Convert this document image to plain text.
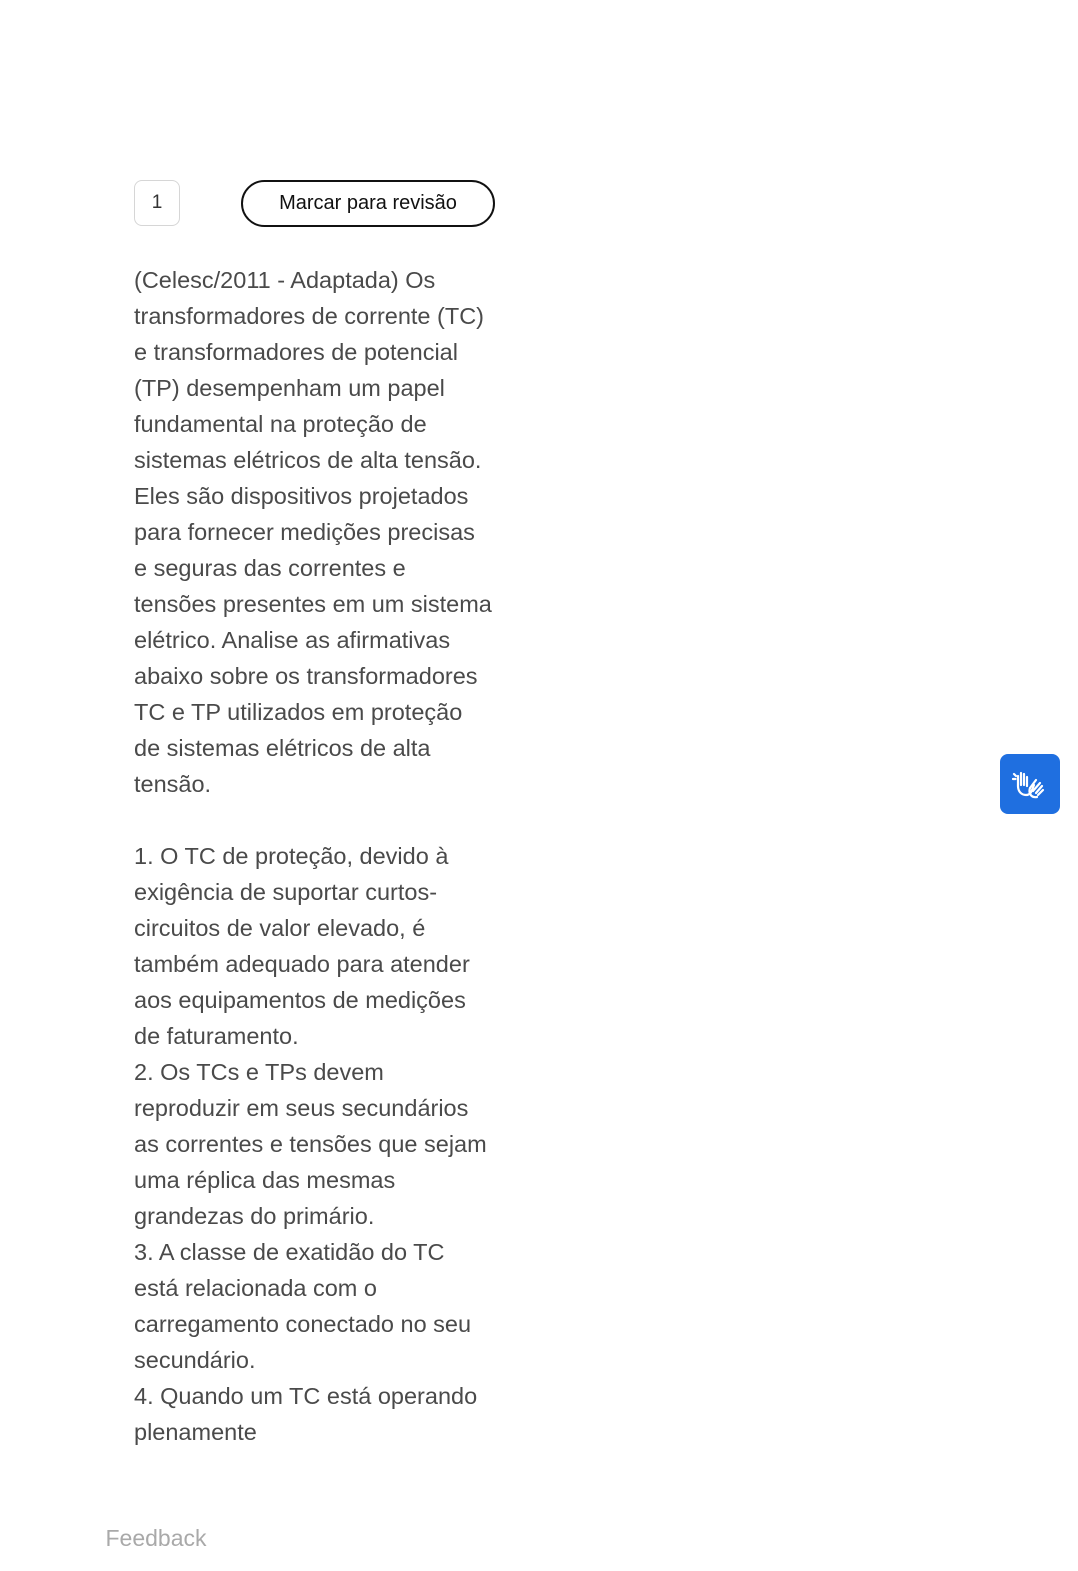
1	Marcar para revisão

(Celesc/2011 - Adaptada) Os transformadores de corrente (TC) e transformadores de potencial (TP) desempenham um papel fundamental na proteção de sistemas elétricos de alta tensão. Eles são dispositivos projetados para fornecer medições precisas e seguras das correntes e tensões presentes em um sistema elétrico. Analise as afirmativas abaixo sobre os transformadores TC e TP utilizados em proteção de sistemas elétricos de alta tensão.

1. O TC de proteção, devido à exigência de suportar curtos-circuitos de valor elevado, é também adequado para atender aos equipamentos de medições de faturamento.

2. Os TCs e TPs devem reproduzir em seus secundários as correntes e tensões que sejam uma réplica das mesmas grandezas do primário.

3. A classe de exatidão do TC está relacionada com o carregamento conectado no seu secundário.

4. Quando um TC está operando plenamente

Feedback
